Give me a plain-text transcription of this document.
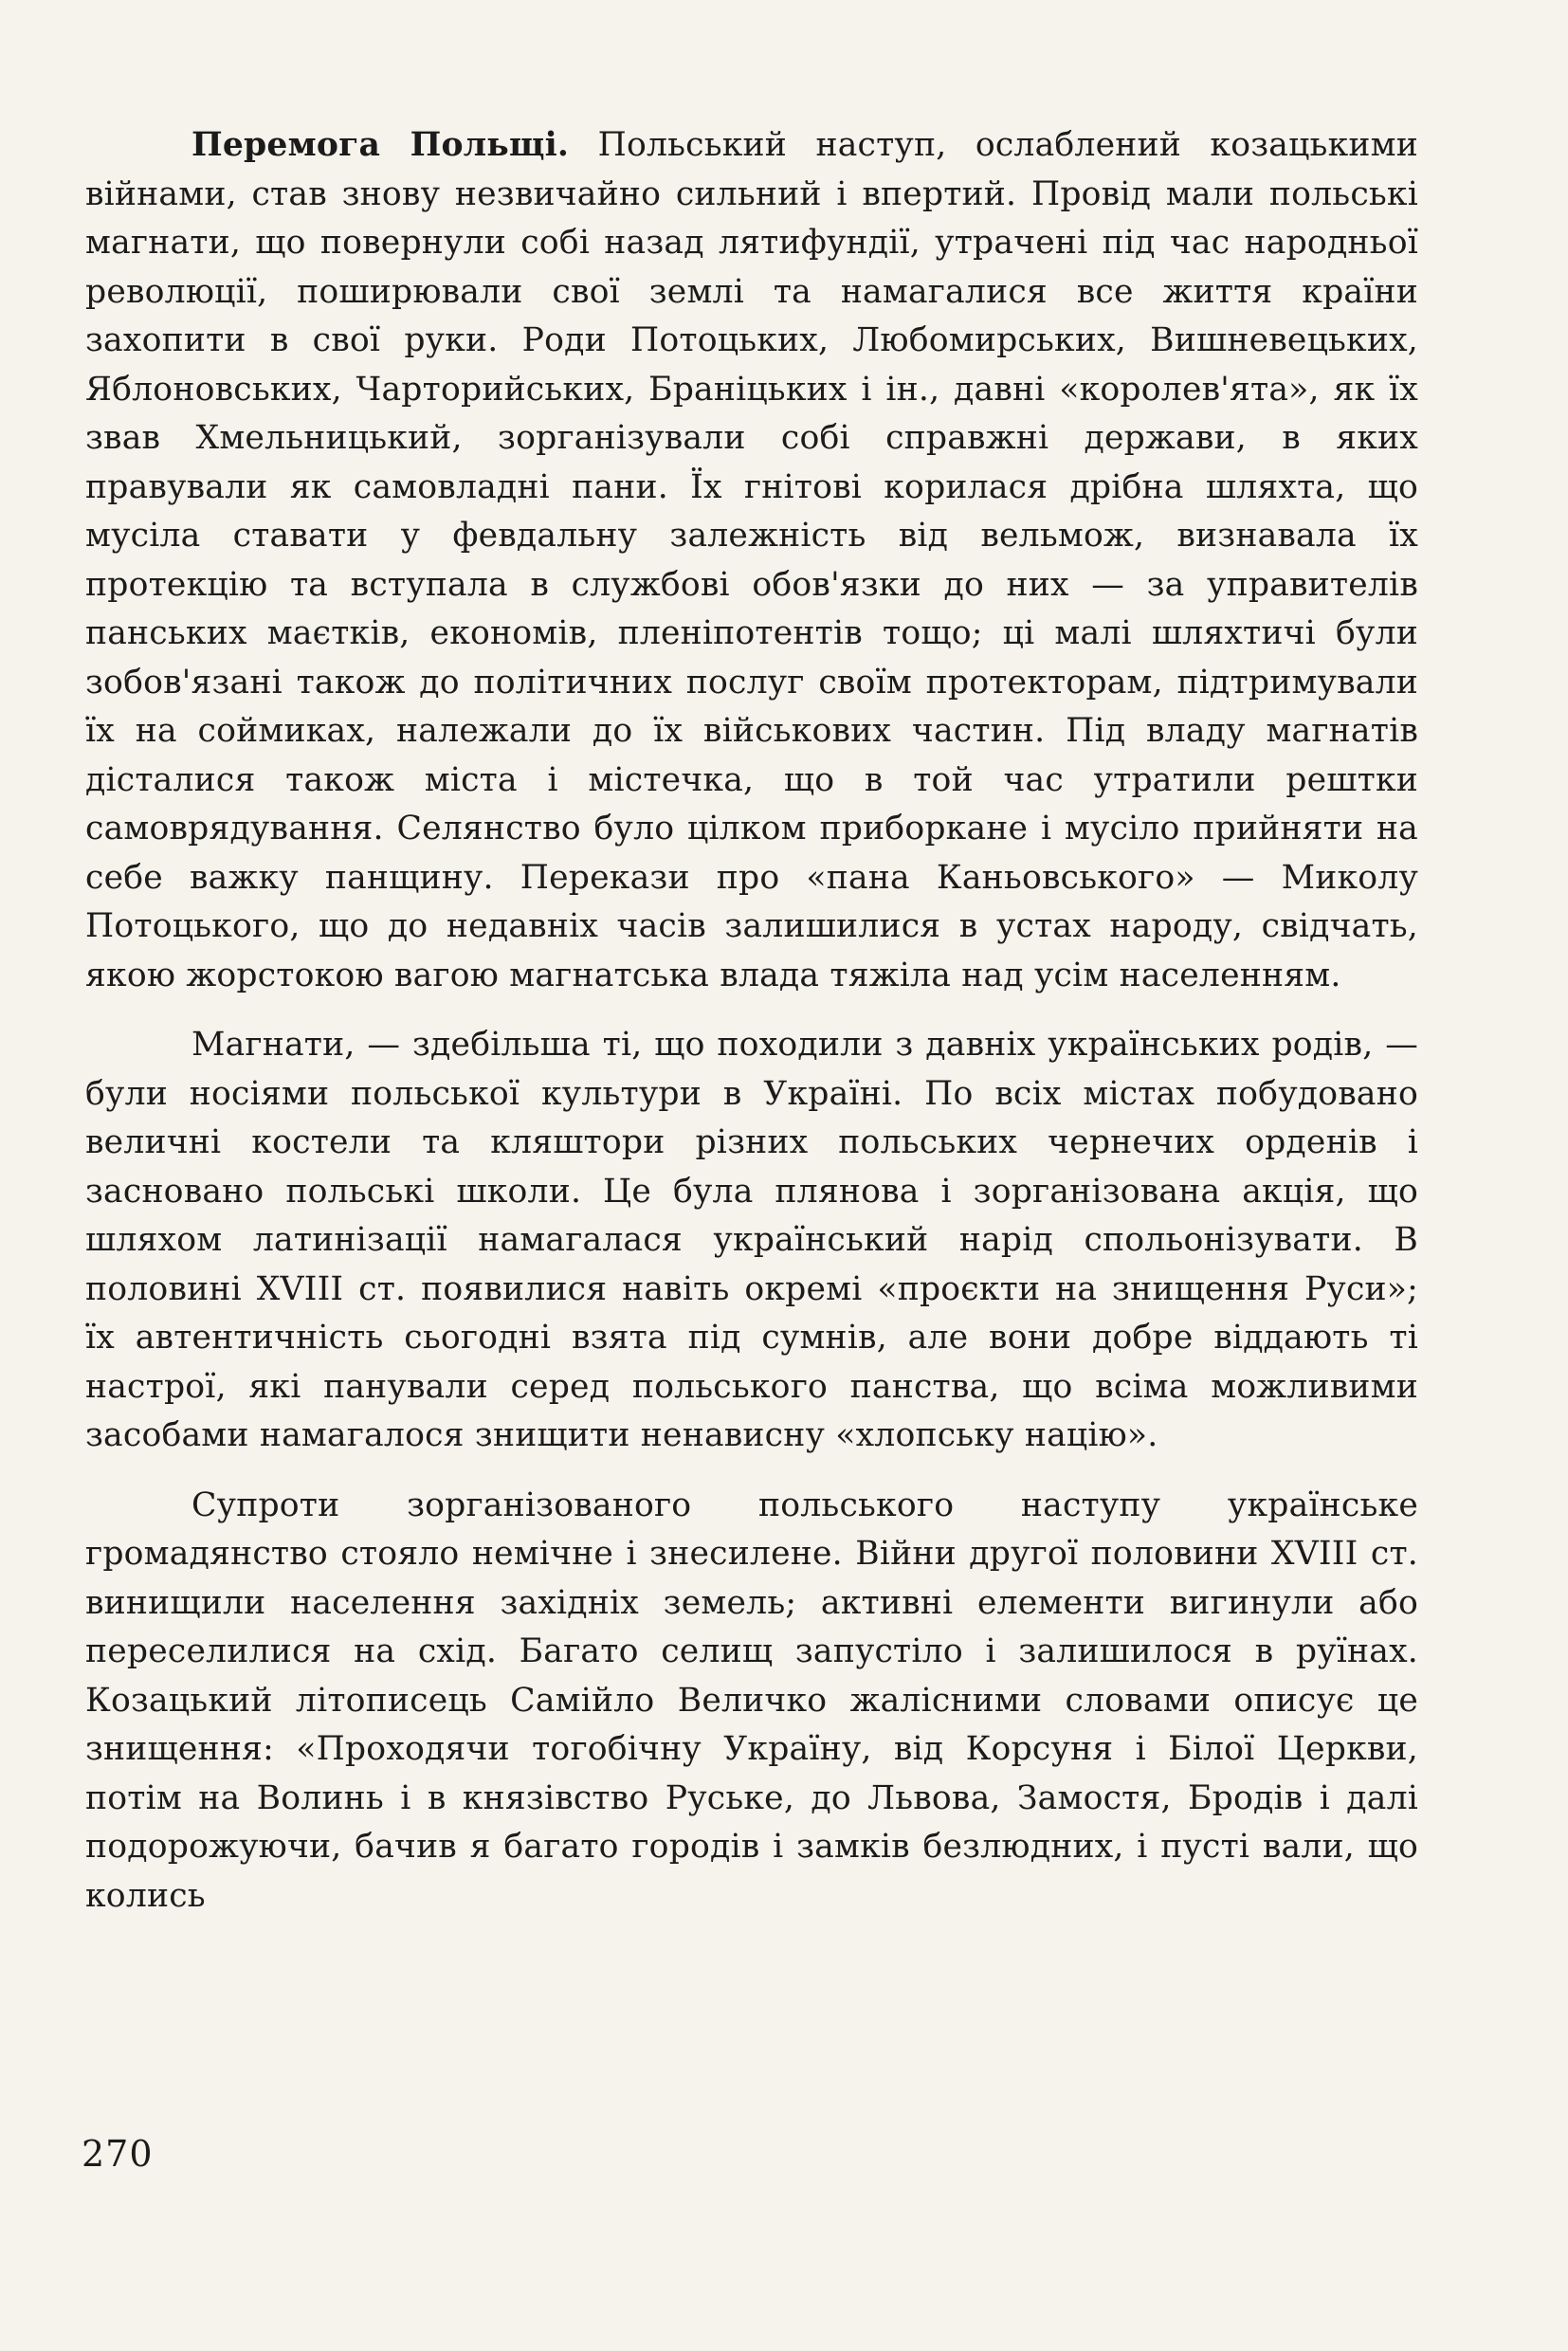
Перемога Польщі. Польський наступ, ослаблений козацькими війнами, став знову незвичайно сильний і впертий. Провід мали польські магнати, що повернули собі назад лятифундії, утрачені під час народньої революції, поширювали свої землі та намагалися все життя країни захопити в свої руки. Роди Потоцьких, Любомирських, Вишневецьких, Яблоновських, Чарторийських, Браніцьких і ін., давні «королев'ята», як їх звав Хмельницький, зорганізували собі справжні держави, в яких правували як самовладні пани. Їх гнітові корилася дрібна шляхта, що мусіла ставати у февдальну залежність від вельмож, визнавала їх протекцію та вступала в службові обов'язки до них — за управителів панських маєтків, економів, пленіпотентів тощо; ці малі шляхтичі були зобов'язані також до політичних послуг своїм протекторам, підтримували їх на соймиках, належали до їх військових частин. Під владу магнатів дісталися також міста і містечка, що в той час утратили рештки самоврядування. Селянство було цілком приборкане і мусіло прийняти на себе важку панщину. Перекази про «пана Каньовського» — Миколу Потоцького, що до недавніх часів залишилися в устах народу, свідчать, якою жорстокою вагою магнатська влада тяжіла над усім населенням.

Магнати, — здебільша ті, що походили з давніх українських родів, — були носіями польської культури в Україні. По всіх містах побудовано величні костели та кляштори різних польських чернечих орденів і засновано польські школи. Це була плянова і зорганізована акція, що шляхом латинізації намагалася український нарід спольонізувати. В половині XVIII ст. появилися навіть окремі «проєкти на знищення Руси»; їх автентичність сьогодні взята під сумнів, але вони добре віддають ті настрої, які панували серед польського панства, що всіма можливими засобами намагалося знищити ненависну «хлопську націю».

Супроти зорганізованого польського наступу українське громадянство стояло немічне і знесилене. Війни другої половини XVIII ст. винищили населення західніх земель; активні елементи вигинули або переселилися на схід. Багато селищ запустіло і залишилося в руїнах. Козацький літописець Самійло Величко жалісними словами описує це знищення: «Проходячи тогобічну Україну, від Корсуня і Білої Церкви, потім на Волинь і в князівство Руське, до Львова, Замостя, Бродів і далі подорожуючи, бачив я багато городів і замків безлюдних, і пусті вали, що колись

270
